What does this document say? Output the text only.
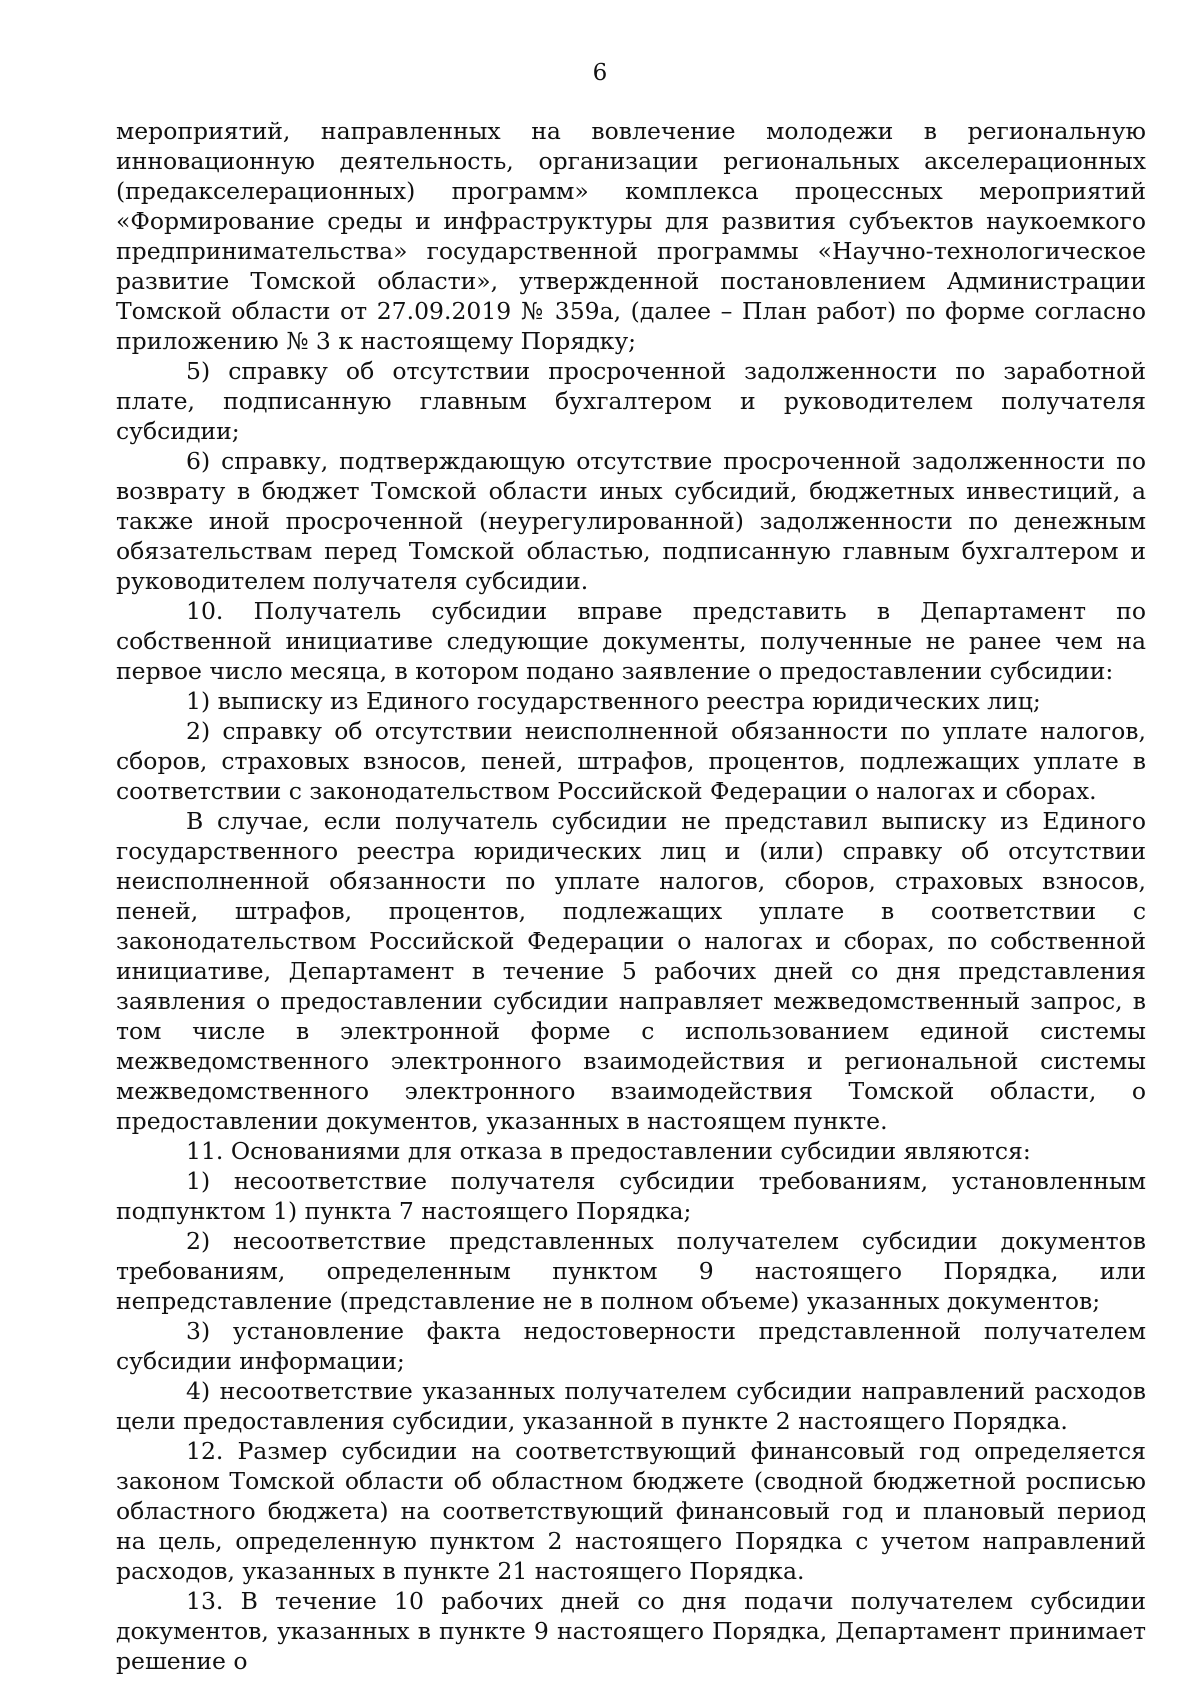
6

мероприятий, направленных на вовлечение молодежи в региональную инновационную деятельность, организации региональных акселерационных (предакселерационных) программ» комплекса процессных мероприятий «Формирование среды и инфраструктуры для развития субъектов наукоемкого предпринимательства» государственной программы «Научно-технологическое развитие Томской области», утвержденной постановлением Администрации Томской области от 27.09.2019 № 359а, (далее – План работ) по форме согласно приложению № 3 к настоящему Порядку;

5) справку об отсутствии просроченной задолженности по заработной плате, подписанную главным бухгалтером и руководителем получателя субсидии;

6) справку, подтверждающую отсутствие просроченной задолженности по возврату в бюджет Томской области иных субсидий, бюджетных инвестиций, а также иной просроченной (неурегулированной) задолженности по денежным обязательствам перед Томской областью, подписанную главным бухгалтером и руководителем получателя субсидии.

10. Получатель субсидии вправе представить в Департамент по собственной инициативе следующие документы, полученные не ранее чем на первое число месяца, в котором подано заявление о предоставлении субсидии:

1) выписку из Единого государственного реестра юридических лиц;

2) справку об отсутствии неисполненной обязанности по уплате налогов, сборов, страховых взносов, пеней, штрафов, процентов, подлежащих уплате в соответствии с законодательством Российской Федерации о налогах и сборах.

В случае, если получатель субсидии не представил выписку из Единого государственного реестра юридических лиц и (или) справку об отсутствии неисполненной обязанности по уплате налогов, сборов, страховых взносов, пеней, штрафов, процентов, подлежащих уплате в соответствии с законодательством Российской Федерации о налогах и сборах, по собственной инициативе, Департамент в течение 5 рабочих дней со дня представления заявления о предоставлении субсидии направляет межведомственный запрос, в том числе в электронной форме с использованием единой системы межведомственного электронного взаимодействия и региональной системы межведомственного электронного взаимодействия Томской области, о предоставлении документов, указанных в настоящем пункте.

11. Основаниями для отказа в предоставлении субсидии являются:

1) несоответствие получателя субсидии требованиям, установленным подпунктом 1) пункта 7 настоящего Порядка;

2) несоответствие представленных получателем субсидии документов требованиям, определенным пунктом 9 настоящего Порядка, или непредставление (представление не в полном объеме) указанных документов;

3) установление факта недостоверности представленной получателем субсидии информации;

4) несоответствие указанных получателем субсидии направлений расходов цели предоставления субсидии, указанной в пункте 2 настоящего Порядка.

12. Размер субсидии на соответствующий финансовый год определяется законом Томской области об областном бюджете (сводной бюджетной росписью областного бюджета) на соответствующий финансовый год и плановый период на цель, определенную пунктом 2 настоящего Порядка с учетом направлений расходов, указанных в пункте 21 настоящего Порядка.

13. В течение 10 рабочих дней со дня подачи получателем субсидии документов, указанных в пункте 9 настоящего Порядка, Департамент принимает решение о
